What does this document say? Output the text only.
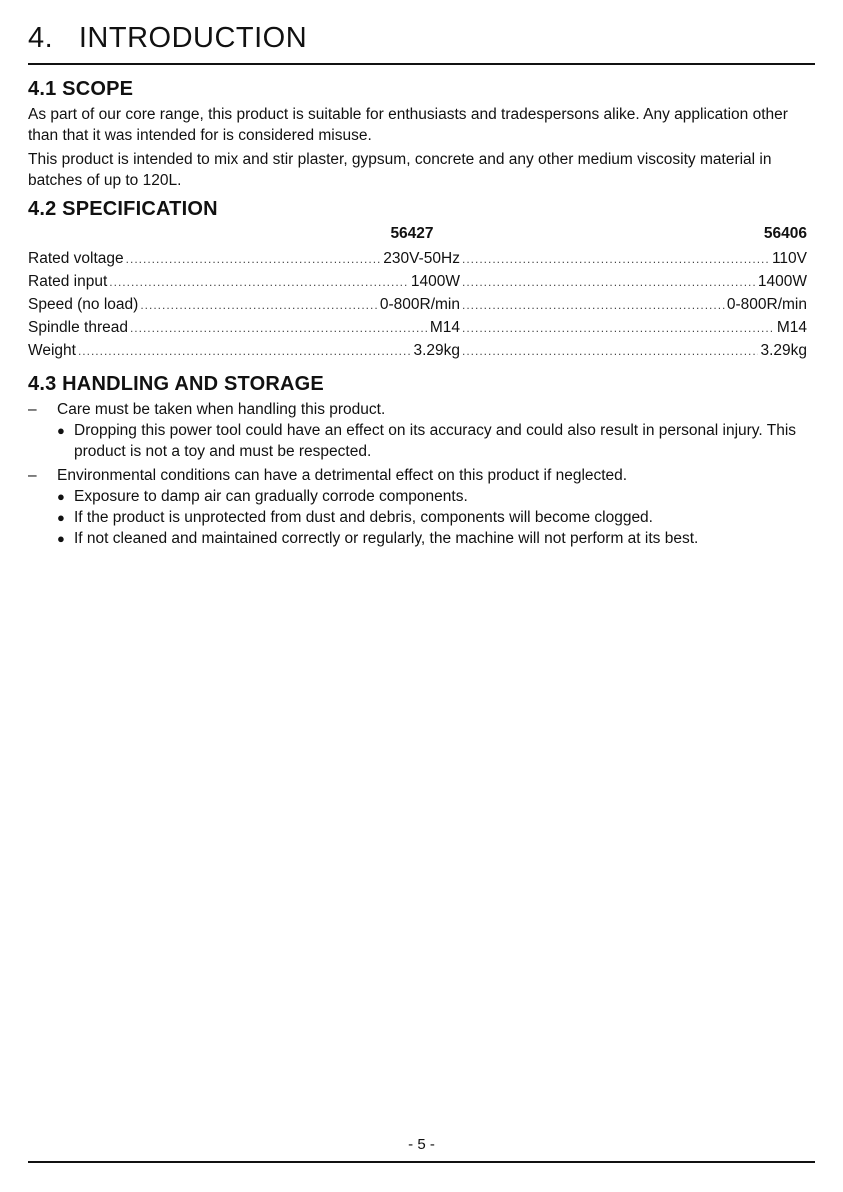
4.   INTRODUCTION
4.1 SCOPE

As part of our core range, this product is suitable for enthusiasts and tradespersons alike. Any application other than that it was intended for is considered misuse.

This product is intended to mix and stir plaster, gypsum, concrete and any other medium viscosity material in batches of up to 120L.

4.2 SPECIFICATION
56427	56406
Rated voltage .....	230V-50Hz .....	110V
Rated input .....	1400W .....	1400W
Speed (no load) .....	0-800R/min .....	0-800R/min
Spindle thread .....	M14 .....	M14
Weight .....	3.29kg .....	3.29kg
4.3 HANDLING AND STORAGE
– Care must be taken when handling this product.
● Dropping this power tool could have an effect on its accuracy and could also result in personal injury. This product is not a toy and must be respected.
– Environmental conditions can have a detrimental effect on this product if neglected.
● Exposure to damp air can gradually corrode components.
● If the product is unprotected from dust and debris, components will become clogged.
● If not cleaned and maintained correctly or regularly, the machine will not perform at its best.
- 5 -
